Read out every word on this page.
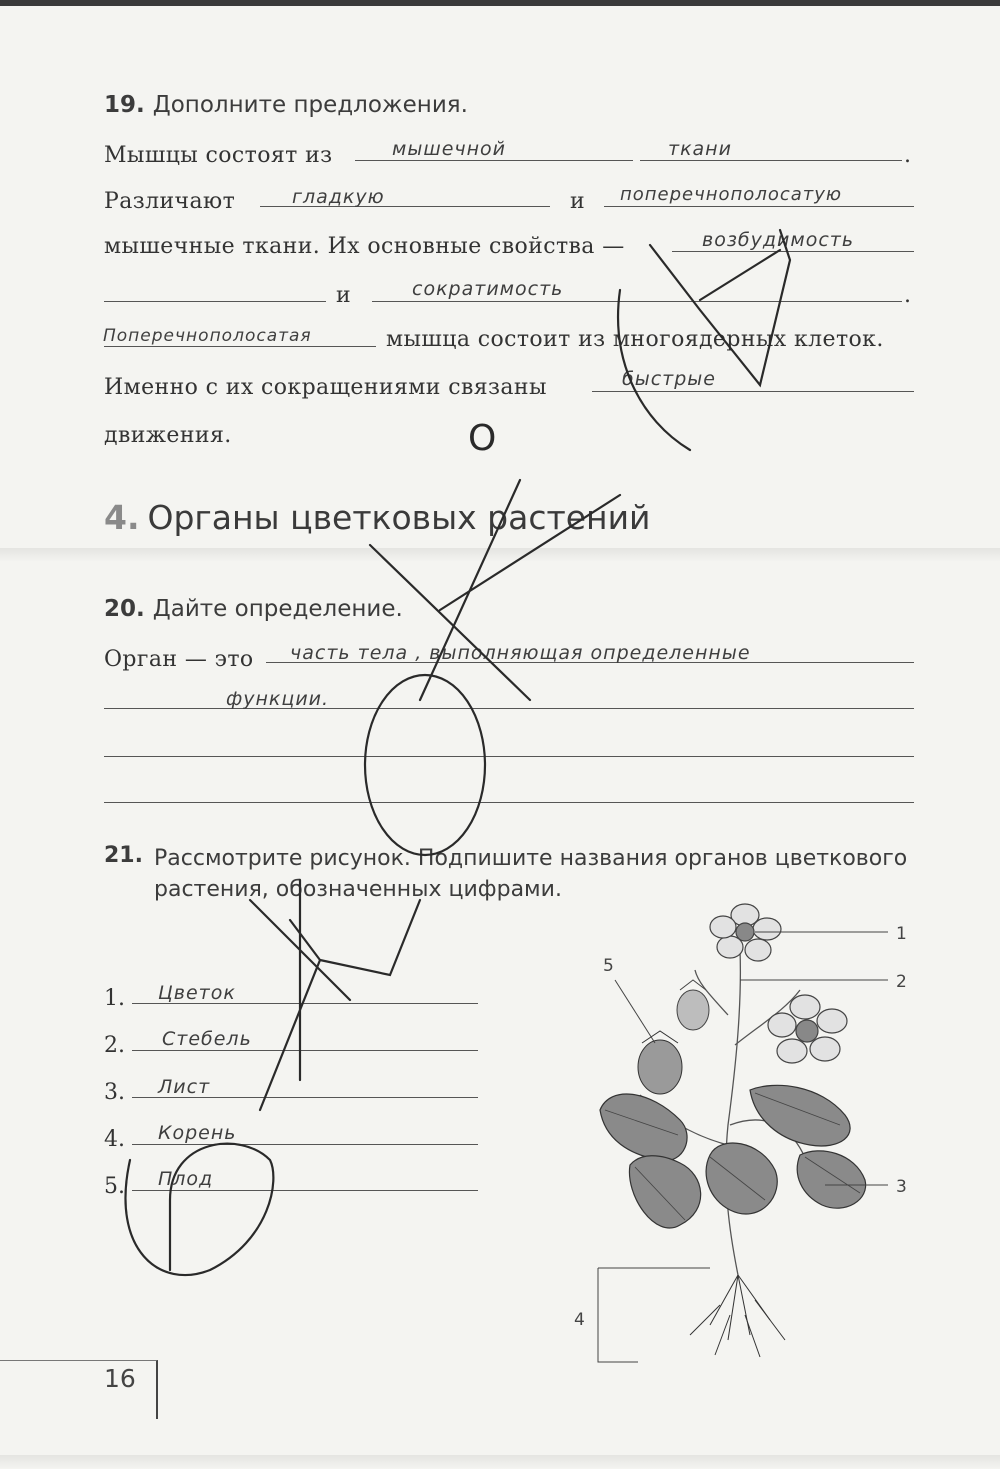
19. Дополните предложения.
Мышцы состоят из	мышечной	ткани	.
Различают	гладкую	и поперечнополосатую
мышечные ткани. Их основные свойства —	возбудимость
и	сократимость	.
Поперечнополосатая	мышца состоит из многоядерных клеток.
Именно с их сокращениями связаны	быстрые
движения.
4. Органы цветковых растений
20. Дайте определение.
Орган — это часть тела , выполняющая определенные
функции.
21. Рассмотрите рисунок. Подпишите названия органов цветкового растения, обозначенных цифрами.
1. Цветок
2. Стебель
3. Лист
4. Корень
5. Плод
1
2
3
4
5
16
О
